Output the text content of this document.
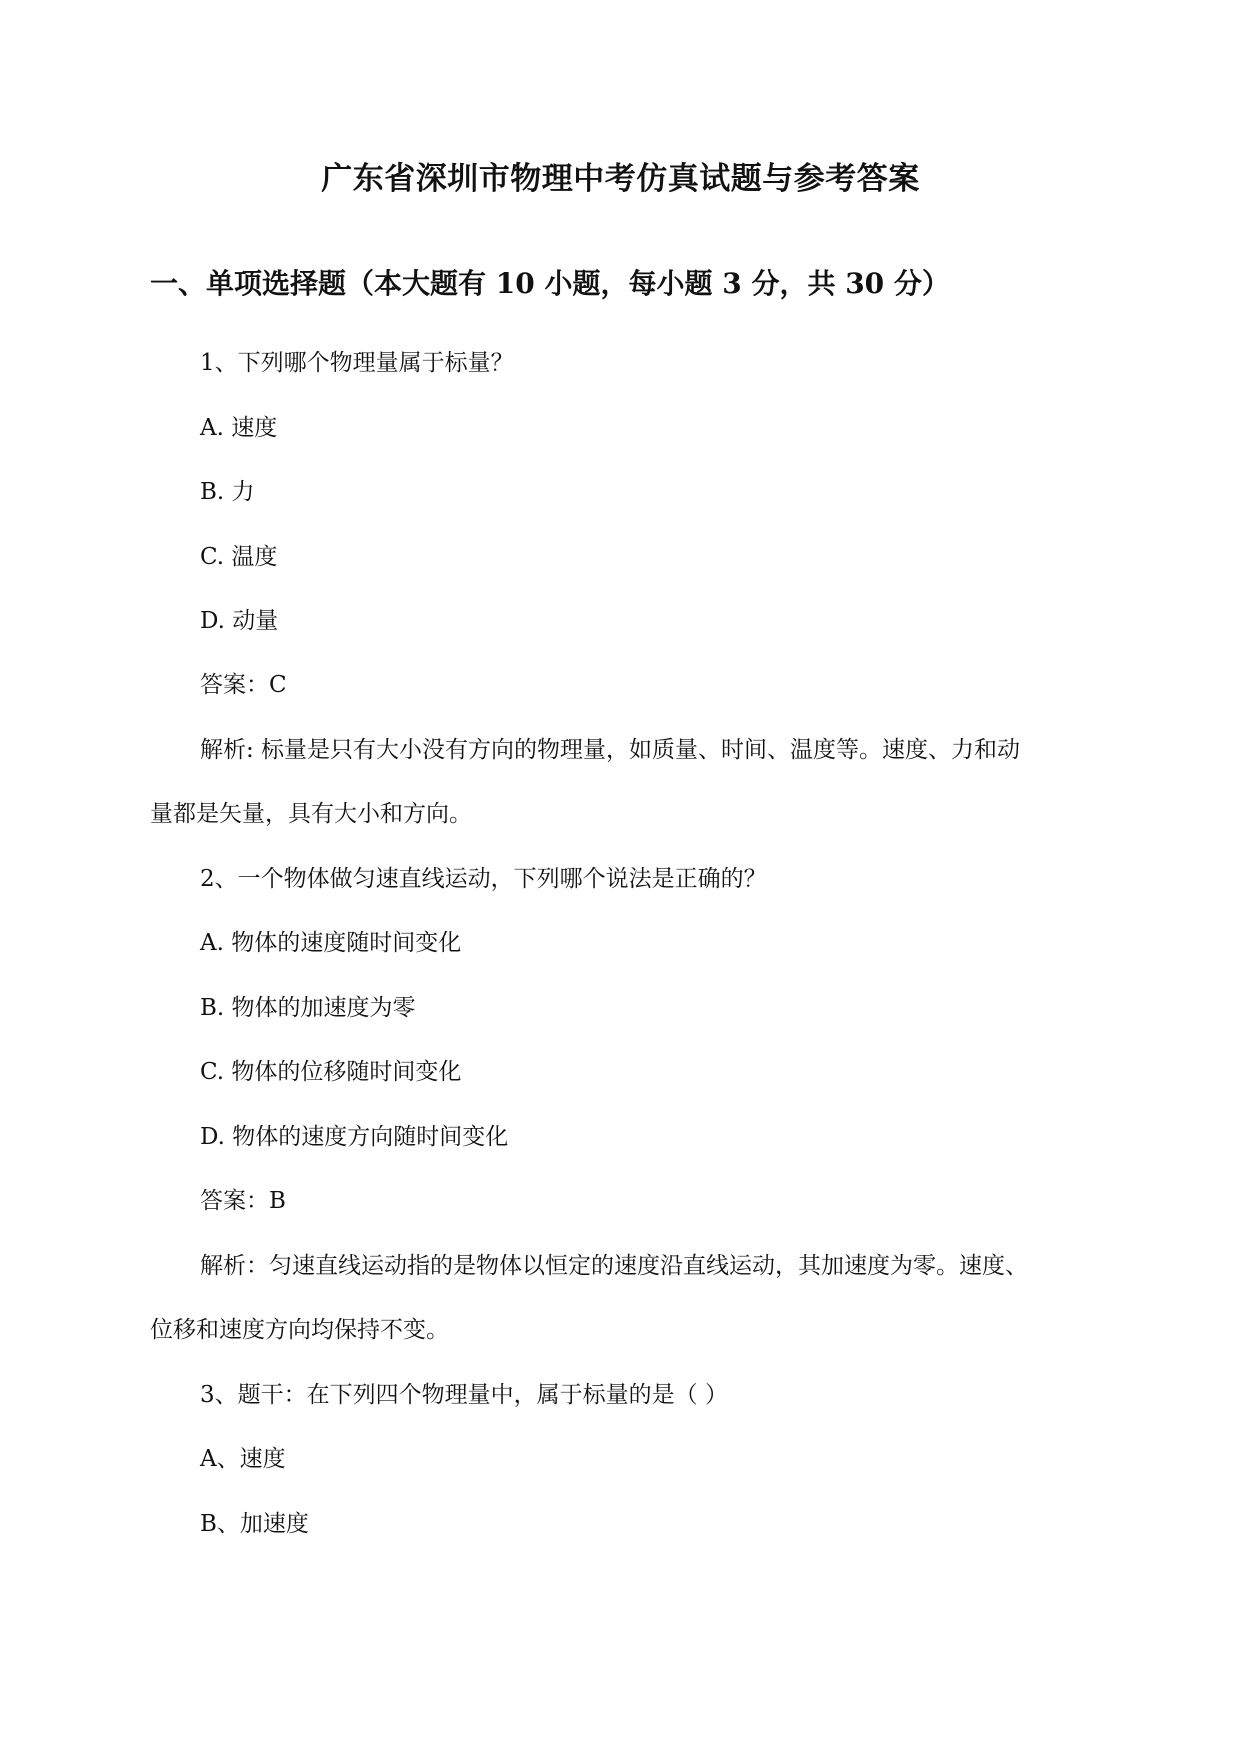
广东省深圳市物理中考仿真试题与参考答案
一、单项选择题（本大题有 10 小题，每小题 3 分，共 30 分）
1、下列哪个物理量属于标量？
A. 速度
B. 力
C. 温度
D. 动量
答案：C
解析: 标量是只有大小没有方向的物理量，如质量、时间、温度等。速度、力和动
量都是矢量，具有大小和方向。
2、一个物体做匀速直线运动，下列哪个说法是正确的？
A. 物体的速度随时间变化
B. 物体的加速度为零
C. 物体的位移随时间变化
D. 物体的速度方向随时间变化
答案：B
解析：匀速直线运动指的是物体以恒定的速度沿直线运动，其加速度为零。速度、
位移和速度方向均保持不变。
3、题干：在下列四个物理量中，属于标量的是（ ）
A、速度
B、加速度
